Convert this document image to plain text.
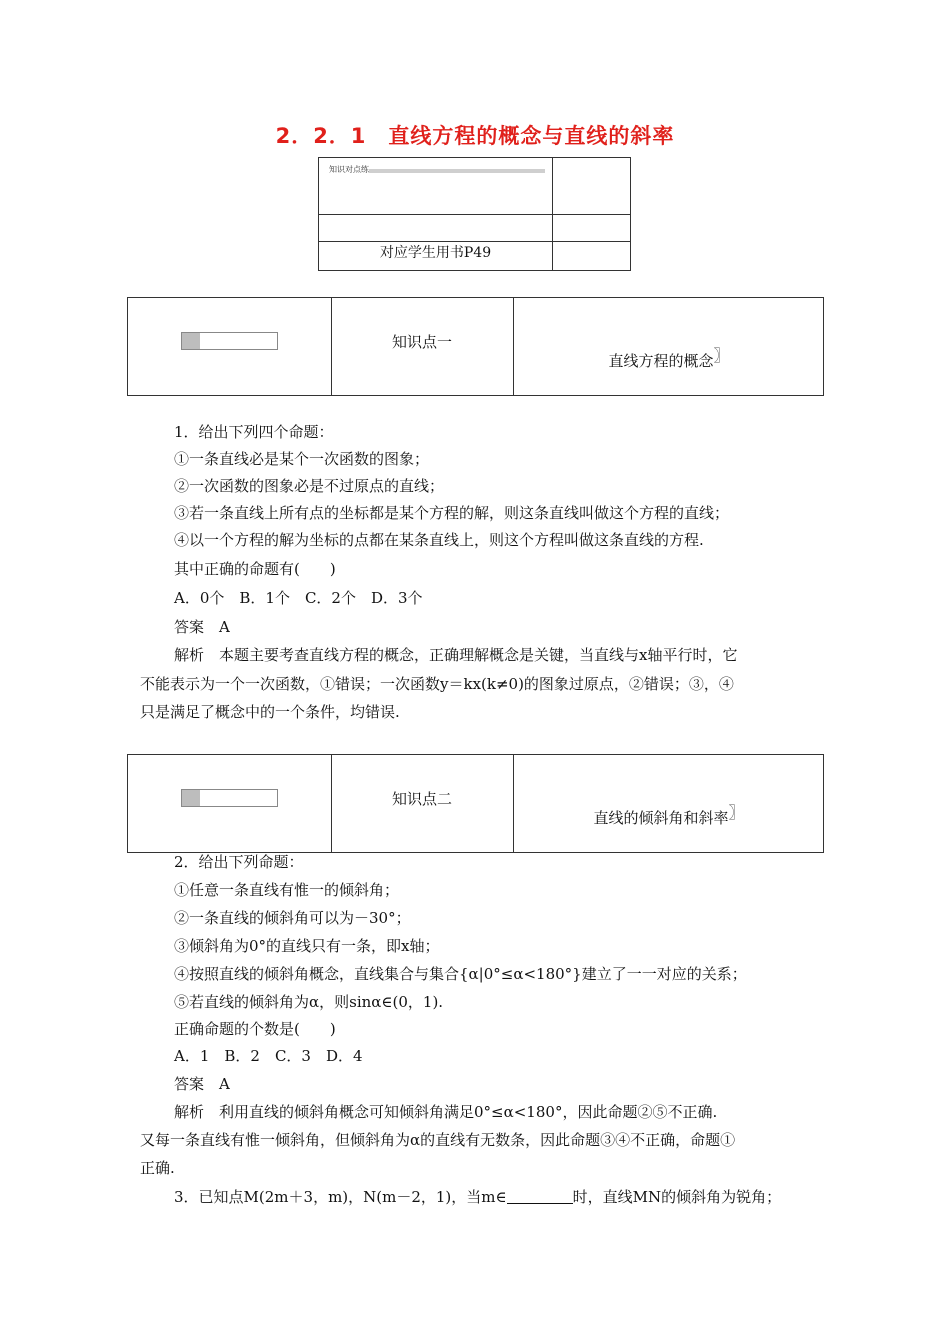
2．2．1　直线方程的概念与直线的斜率
知识对点练
对应学生用书P49
知识点一
直线方程的概念〗
1．给出下列四个命题：
①一条直线必是某个一次函数的图象；
②一次函数的图象必是不过原点的直线；
③若一条直线上所有点的坐标都是某个方程的解，则这条直线叫做这个方程的直线；
④以一个方程的解为坐标的点都在某条直线上，则这个方程叫做这条直线的方程.
其中正确的命题有(　　)
A．0个　B．1个　C．2个　D．3个
答案　A
解析　本题主要考查直线方程的概念，正确理解概念是关键，当直线与x轴平行时，它
不能表示为一个一次函数，①错误；一次函数y＝kx(k≠0)的图象过原点，②错误；③，④
只是满足了概念中的一个条件，均错误.
知识点二
直线的倾斜角和斜率〗
2．给出下列命题：
①任意一条直线有惟一的倾斜角；
②一条直线的倾斜角可以为－30°；
③倾斜角为0°的直线只有一条，即x轴；
④按照直线的倾斜角概念，直线集合与集合{α|0°≤α<180°}建立了一一对应的关系；
⑤若直线的倾斜角为α，则sinα∈(0，1).
正确命题的个数是(　　)
A．1　B．2　C．3　D．4
答案　A
解析　利用直线的倾斜角概念可知倾斜角满足0°≤α<180°，因此命题②⑤不正确.
又每一条直线有惟一倾斜角，但倾斜角为α的直线有无数条，因此命题③④不正确，命题①
正确.
3．已知点M(2m＋3，m)，N(m－2，1)，当m∈	时，直线MN的倾斜角为锐角；
